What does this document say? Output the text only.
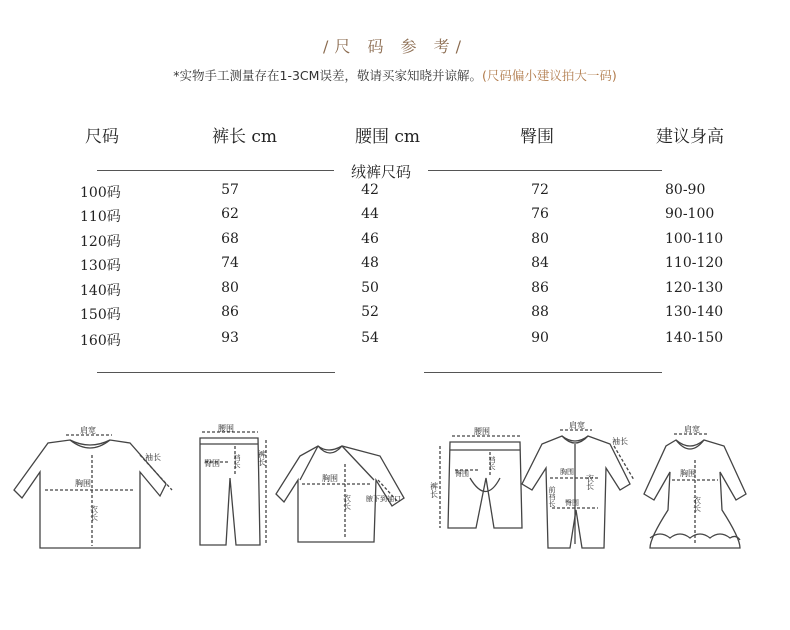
/尺 码 参 考/
*实物手工测量存在1-3CM误差，敬请买家知晓并谅解。(尺码偏小建议拍大一码)
尺码	裤长 cm	腰围 cm	臀围	建议身高
绒裤尺码
100码	57	42	72	80-90
110码	62	44	76	90-100
120码	68	46	80	100-110
130码	74	48	84	110-120
140码	80	50	86	120-130
150码	86	52	88	130-140
160码	93	54	90	140-150
肩宽
胸围
袖长
衣长
腰围
臀围 裆长 裤长
胸围
衣长 腋下到袖口
腰围
臀围
裆长
裤长
肩宽
胸围
臀围
前裆长
衣长
袖长
肩宽
胸围
衣长
